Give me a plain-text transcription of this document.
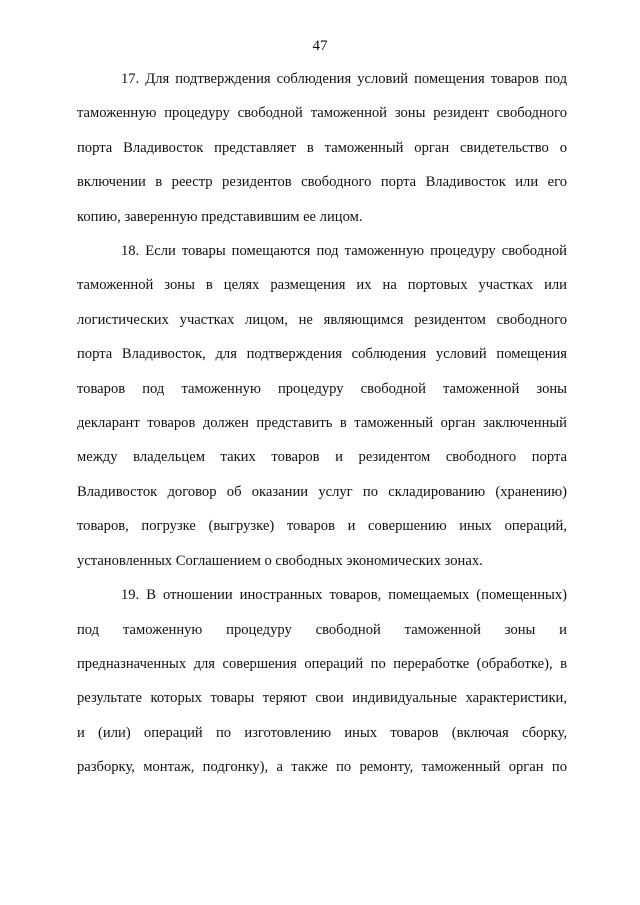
47
17. Для подтверждения соблюдения условий помещения товаров под
таможенную процедуру свободной таможенной зоны резидент свободного
порта Владивосток представляет в таможенный орган свидетельство о
включении в реестр резидентов свободного порта Владивосток или его
копию, заверенную представившим ее лицом.
18. Если товары помещаются под таможенную процедуру свободной
таможенной зоны в целях размещения их на портовых участках или
логистических участках лицом, не являющимся резидентом свободного
порта Владивосток, для подтверждения соблюдения условий помещения
товаров под таможенную процедуру свободной таможенной зоны
декларант товаров должен представить в таможенный орган заключенный
между владельцем таких товаров и резидентом свободного порта
Владивосток договор об оказании услуг по складированию (хранению)
товаров, погрузке (выгрузке) товаров и совершению иных операций,
установленных Соглашением о свободных экономических зонах.
19. В отношении иностранных товаров, помещаемых (помещенных)
под таможенную процедуру свободной таможенной зоны и
предназначенных для совершения операций по переработке (обработке), в
результате которых товары теряют свои индивидуальные характеристики,
и (или) операций по изготовлению иных товаров (включая сборку,
разборку, монтаж, подгонку), а также по ремонту, таможенный орган по
